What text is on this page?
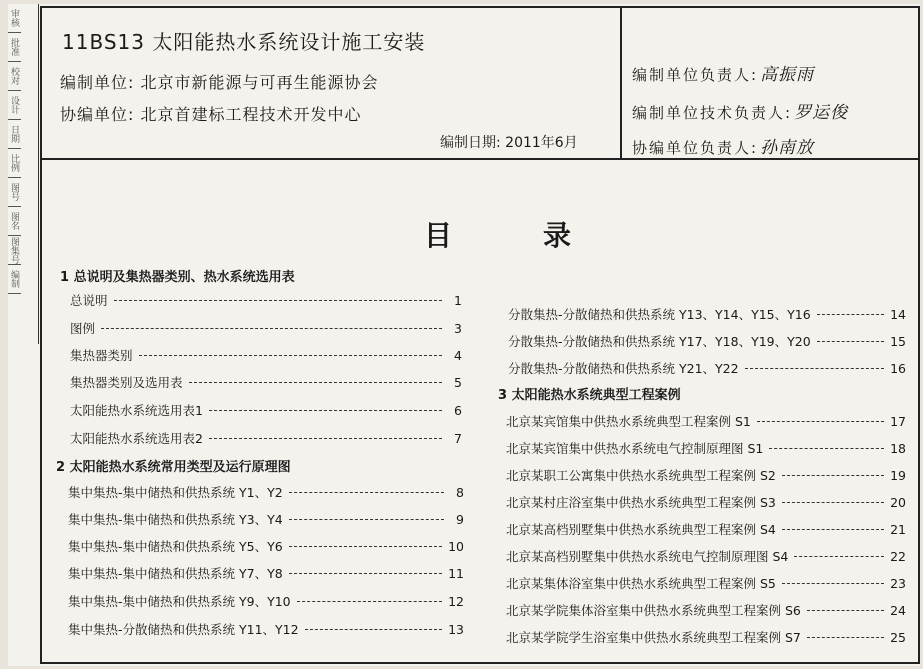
审核
批准
校对
设计
日期
比例
图号
图名
图集号
编制
11BS13 太阳能热水系统设计施工安装
编制单位: 北京市新能源与可再生能源协会
协编单位: 北京首建标工程技术开发中心
编制日期: 2011年6月
编制单位负责人: 高振雨
编制单位技术负责人: 罗运俊
协编单位负责人: 孙南放
目	录
1 总说明及集热器类别、热水系统选用表
总说明	1
图例	3
集热器类别	4
集热器类别及选用表	5
太阳能热水系统选用表1	6
太阳能热水系统选用表2	7
2 太阳能热水系统常用类型及运行原理图
集中集热-集中储热和供热系统 Y1、Y2	8
集中集热-集中储热和供热系统 Y3、Y4	9
集中集热-集中储热和供热系统 Y5、Y6	10
集中集热-集中储热和供热系统 Y7、Y8	11
集中集热-集中储热和供热系统 Y9、Y10	12
集中集热-分散储热和供热系统 Y11、Y12	13
分散集热-分散储热和供热系统 Y13、Y14、Y15、Y16	14
分散集热-分散储热和供热系统 Y17、Y18、Y19、Y20	15
分散集热-分散储热和供热系统 Y21、Y22	16
3 太阳能热水系统典型工程案例
北京某宾馆集中供热水系统典型工程案例 S1	17
北京某宾馆集中供热水系统电气控制原理图 S1	18
北京某职工公寓集中供热水系统典型工程案例 S2	19
北京某村庄浴室集中供热水系统典型工程案例 S3	20
北京某高档别墅集中供热水系统典型工程案例 S4	21
北京某高档别墅集中供热水系统电气控制原理图 S4	22
北京某集体浴室集中供热水系统典型工程案例 S5	23
北京某学院集体浴室集中供热水系统典型工程案例 S6	24
北京某学院学生浴室集中供热水系统典型工程案例 S7	25
